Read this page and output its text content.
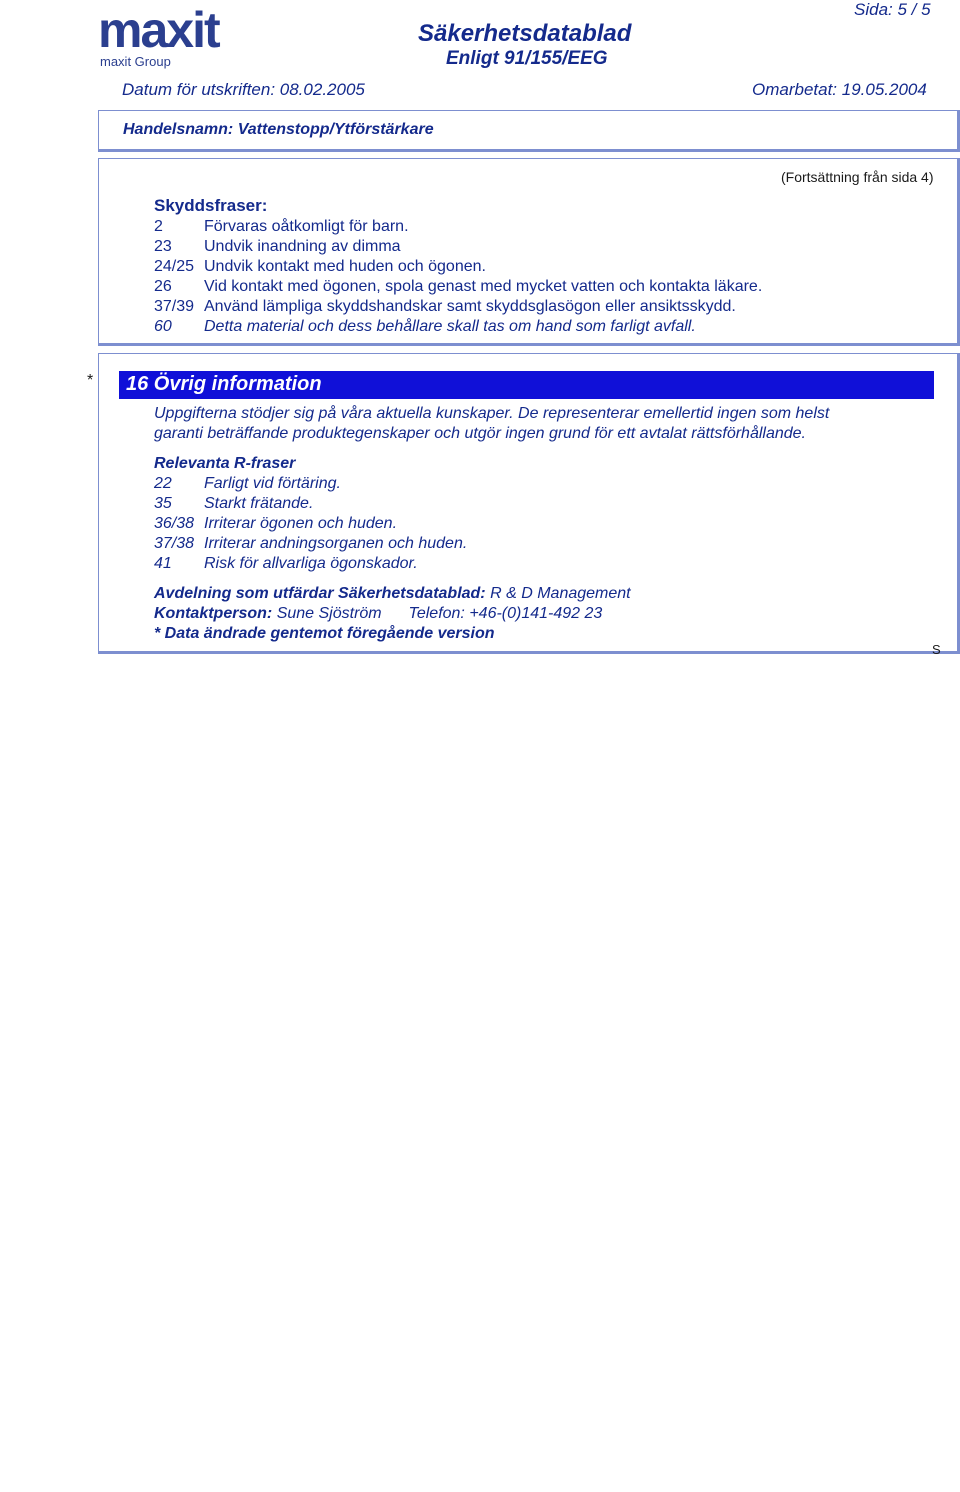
maxit
maxit Group
Säkerhetsdatablad
Enligt 91/155/EEG
Sida: 5 / 5
Datum för utskriften: 08.02.2005	Omarbetat: 19.05.2004
Handelsnamn: Vattenstopp/Ytförstärkare
(Fortsättning från sida 4)
Skyddsfraser:
2	Förvaras oåtkomligt för barn.
23 Undvik inandning av dimma
24/25 Undvik kontakt med huden och ögonen.
26 Vid kontakt med ögonen, spola genast med mycket vatten och kontakta läkare.
37/39 Använd lämpliga skyddshandskar samt skyddsglasögon eller ansiktsskydd.
60 Detta material och dess behållare skall tas om hand som farligt avfall.
* 16 Övrig information
Uppgifterna stödjer sig på våra aktuella kunskaper. De representerar emellertid ingen som helst
garanti beträffande produktegenskaper och utgör ingen grund för ett avtalat rättsförhållande.
Relevanta R-fraser
22 Farligt vid förtäring.
35 Starkt frätande.
36/38 Irriterar ögonen och huden.
37/38 Irriterar andningsorganen och huden.
41 Risk för allvarliga ögonskador.
Avdelning som utfärdar Säkerhetsdatablad: R & D Management
Kontaktperson: Sune Sjöström Telefon: +46-(0)141-492 23
* Data ändrade gentemot föregående version
S
